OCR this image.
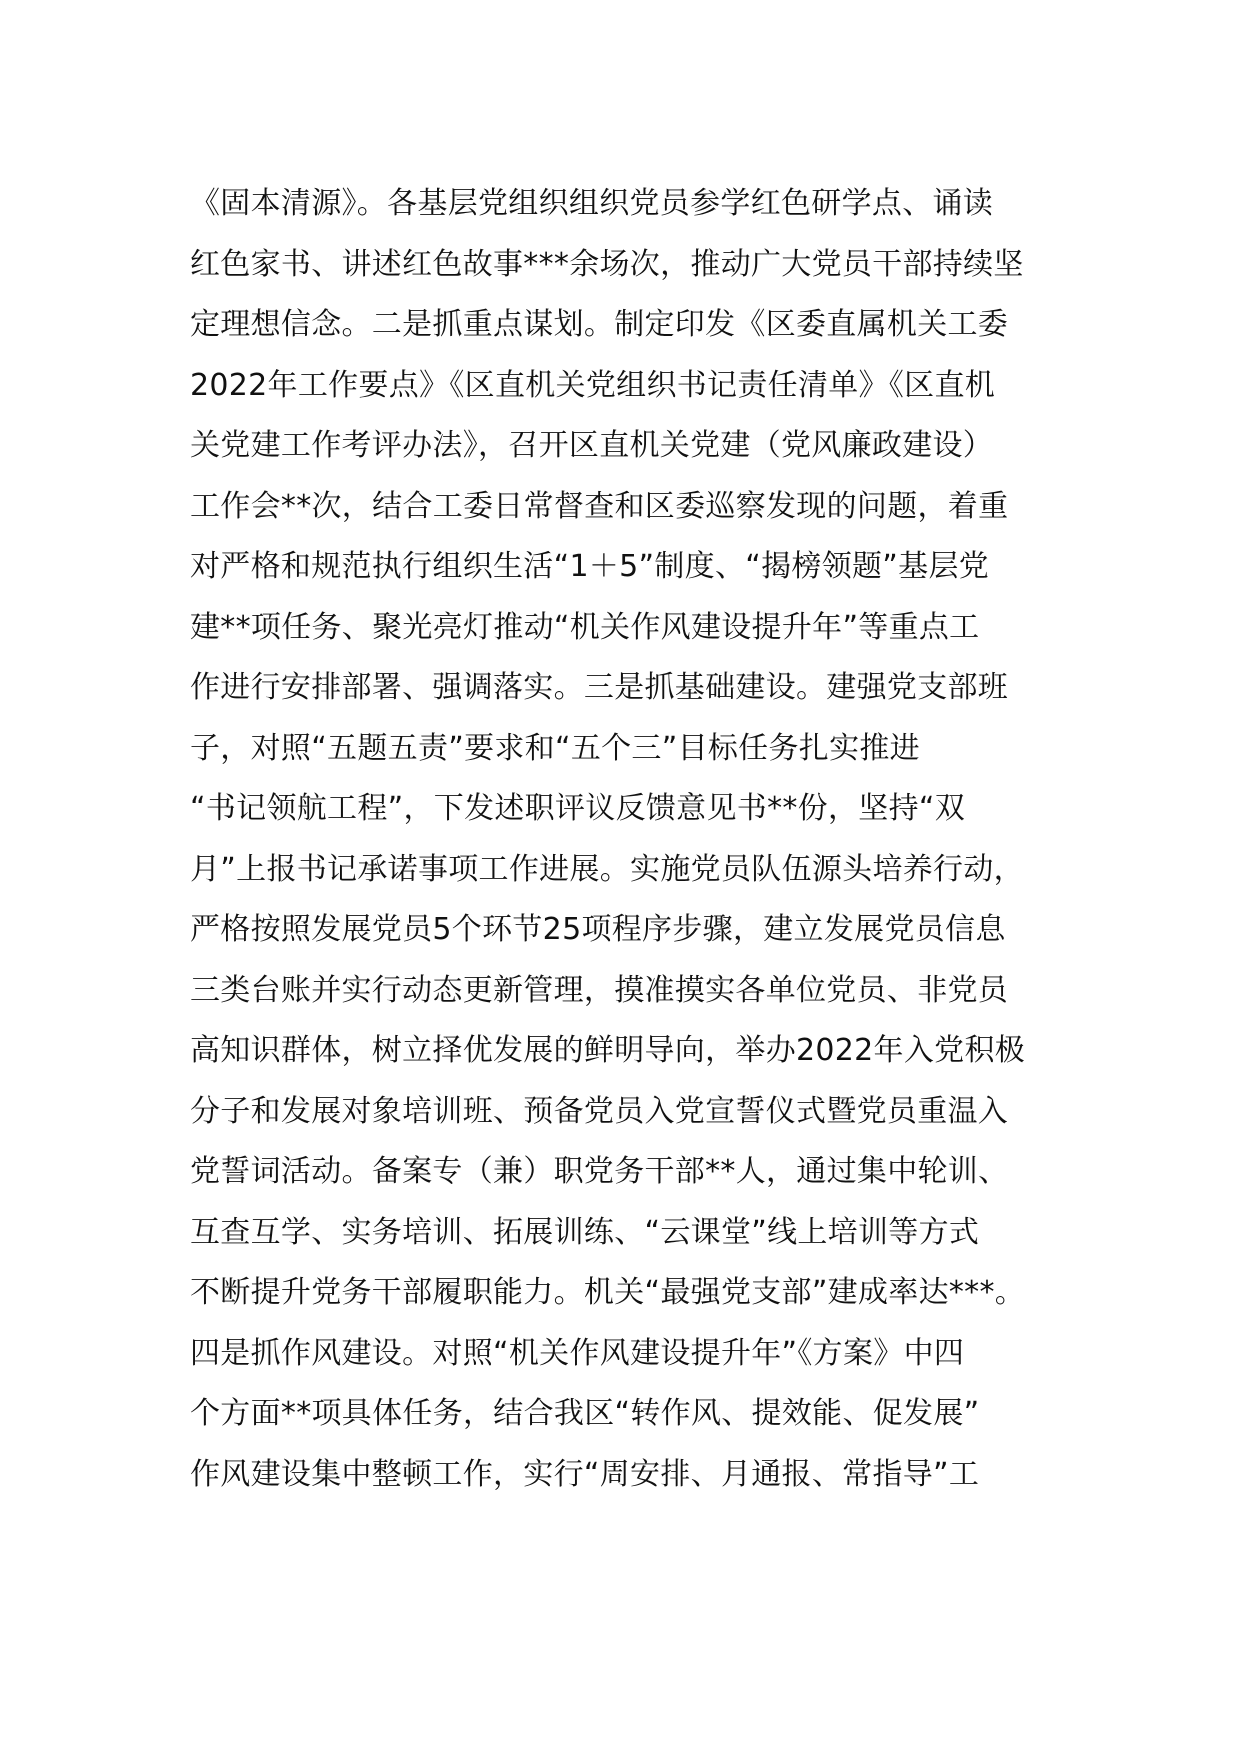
《固本清源》。各基层党组织组织党员参学红色研学点、诵读
红色家书、讲述红色故事***余场次，推动广大党员干部持续坚
定理想信念。二是抓重点谋划。制定印发《区委直属机关工委
2022年工作要点》《区直机关党组织书记责任清单》《区直机
关党建工作考评办法》，召开区直机关党建（党风廉政建设）
工作会**次，结合工委日常督查和区委巡察发现的问题，着重
对严格和规范执行组织生活“1＋5”制度、“揭榜领题”基层党
建**项任务、聚光亮灯推动“机关作风建设提升年”等重点工
作进行安排部署、强调落实。三是抓基础建设。建强党支部班
子，对照“五题五责”要求和“五个三”目标任务扎实推进
“书记领航工程”，下发述职评议反馈意见书**份，坚持“双
月”上报书记承诺事项工作进展。实施党员队伍源头培养行动，
严格按照发展党员5个环节25项程序步骤，建立发展党员信息
三类台账并实行动态更新管理，摸准摸实各单位党员、非党员
高知识群体，树立择优发展的鲜明导向，举办2022年入党积极
分子和发展对象培训班、预备党员入党宣誓仪式暨党员重温入
党誓词活动。备案专（兼）职党务干部**人，通过集中轮训、
互查互学、实务培训、拓展训练、“云课堂”线上培训等方式
不断提升党务干部履职能力。机关“最强党支部”建成率达***。
四是抓作风建设。对照“机关作风建设提升年”《方案》中四
个方面**项具体任务，结合我区“转作风、提效能、促发展”
作风建设集中整顿工作，实行“周安排、月通报、常指导”工
